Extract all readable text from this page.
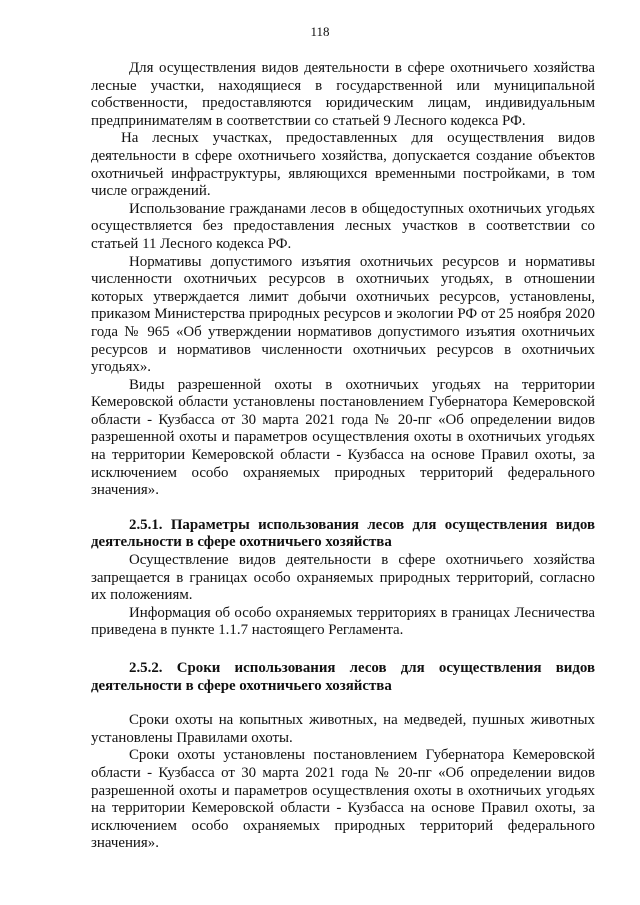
118

Для осуществления видов деятельности в сфере охотничьего хозяйства лесные участки, находящиеся в государственной или муниципальной собственности, предоставляются юридическим лицам, индивидуальным предпринимателям в соответствии со статьей 9 Лесного кодекса РФ.

На лесных участках, предоставленных для осуществления видов деятельности в сфере охотничьего хозяйства, допускается создание объектов охотничьей инфраструктуры, являющихся временными постройками, в том числе ограждений.

Использование гражданами лесов в общедоступных охотничьих угодьях осуществляется без предоставления лесных участков в соответствии со статьей 11 Лесного кодекса РФ.

Нормативы допустимого изъятия охотничьих ресурсов и нормативы численности охотничьих ресурсов в охотничьих угодьях, в отношении которых утверждается лимит добычи охотничьих ресурсов, установлены, приказом Министерства природных ресурсов и экологии РФ от 25 ноября 2020 года № 965 «Об утверждении нормативов допустимого изъятия охотничьих ресурсов и нормативов численности охотничьих ресурсов в охотничьих угодьях».

Виды разрешенной охоты в охотничьих угодьях на территории Кемеровской области установлены постановлением Губернатора Кемеровской области - Кузбасса от 30 марта 2021 года № 20-пг «Об определении видов разрешенной охоты и параметров осуществления охоты в охотничьих угодьях на территории Кемеровской области - Кузбасса на основе Правил охоты, за исключением особо охраняемых природных территорий федерального значения».

2.5.1. Параметры использования лесов для осуществления видов деятельности в сфере охотничьего хозяйства

Осуществление видов деятельности в сфере охотничьего хозяйства запрещается в границах особо охраняемых природных территорий, согласно их положениям.

Информация об особо охраняемых территориях в границах Лесничества приведена в пункте 1.1.7 настоящего Регламента.

2.5.2. Сроки использования лесов для осуществления видов деятельности в сфере охотничьего хозяйства

Сроки охоты на копытных животных, на медведей, пушных животных установлены Правилами охоты.

Сроки охоты установлены постановлением Губернатора Кемеровской области - Кузбасса от 30 марта 2021 года № 20-пг «Об определении видов разрешенной охоты и параметров осуществления охоты в охотничьих угодьях на территории Кемеровской области - Кузбасса на основе Правил охоты, за исключением особо охраняемых природных территорий федерального значения».
